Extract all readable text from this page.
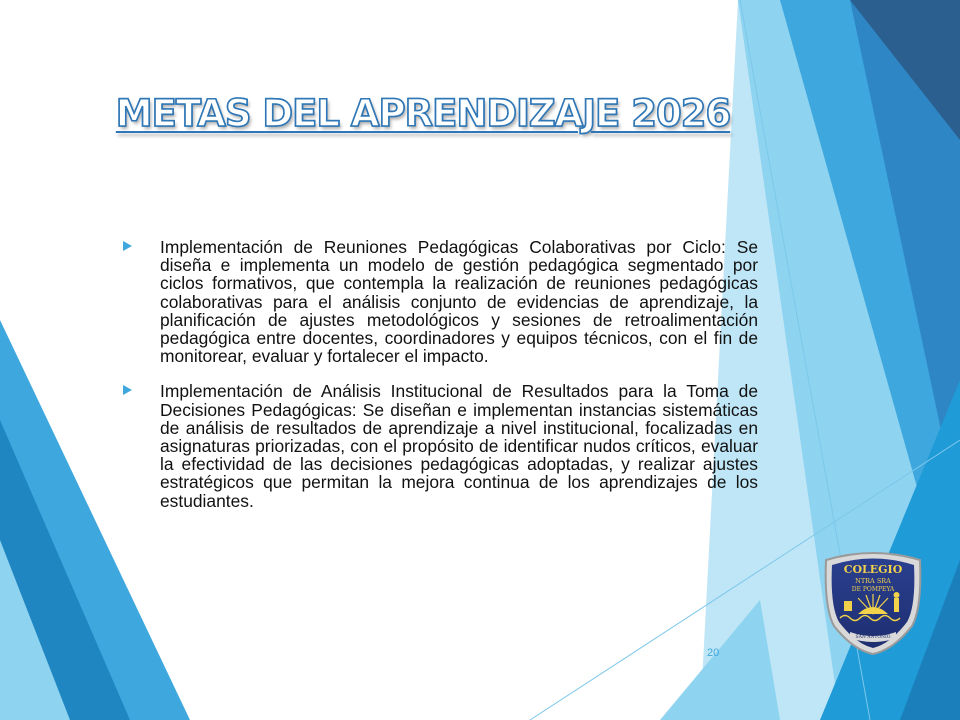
METAS DEL APRENDIZAJE 2026
Implementación de Reuniones Pedagógicas Colaborativas por Ciclo: Se diseña e implementa un modelo de gestión pedagógica segmentado por ciclos formativos, que contempla la realización de reuniones pedagógicas colaborativas para el análisis conjunto de evidencias de aprendizaje, la planificación de ajustes metodológicos y sesiones de retroalimentación pedagógica entre docentes, coordinadores y equipos técnicos, con el fin de monitorear, evaluar y fortalecer el impacto.
Implementación de Análisis Institucional de Resultados para la Toma de Decisiones Pedagógicas: Se diseñan e implementan instancias sistemáticas de análisis de resultados de aprendizaje a nivel institucional, focalizadas en asignaturas priorizadas, con el propósito de identificar nudos críticos, evaluar la efectividad de las decisiones pedagógicas adoptadas, y realizar ajustes estratégicos que permitan la mejora continua de los aprendizajes de los estudiantes.
20
COLEGIO
NTRA SRA
DE POMPEYA
SAN ANTONIO
